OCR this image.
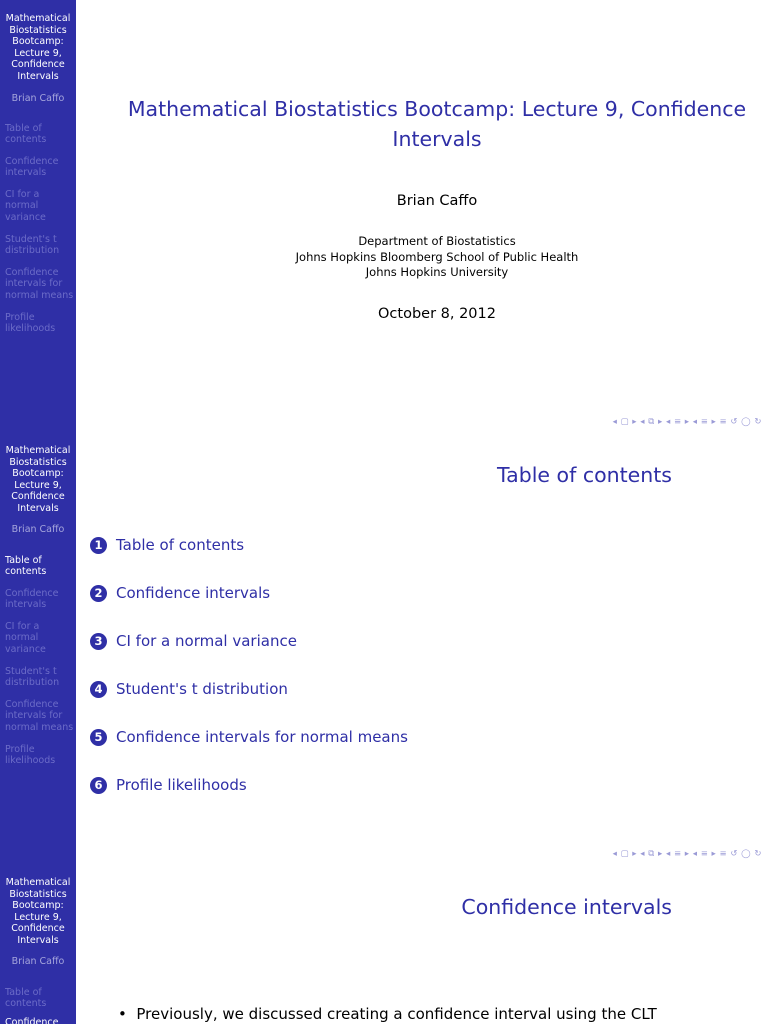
Mathematical
Biostatistics
Bootcamp:
Lecture 9,
Confidence
Intervals
Brian Caffo
Table of
contents
Confidence
intervals
CI for a
normal
variance
Student's t
distribution
Confidence
intervals for
normal means
Profile
likelihoods
Mathematical Biostatistics Bootcamp: Lecture 9, Confidence
Intervals
Brian Caffo
Department of Biostatistics
Johns Hopkins Bloomberg School of Public Health
Johns Hopkins University
October 8, 2012
◂ ▢ ▸ ◂ ⧉ ▸ ◂ ≡ ▸ ◂ ≡ ▸ ≡ ↺ ◯ ↻
Mathematical
Biostatistics
Bootcamp:
Lecture 9,
Confidence
Intervals
Brian Caffo
Table of
contents
Confidence
intervals
CI for a
normal
variance
Student's t
distribution
Confidence
intervals for
normal means
Profile
likelihoods
Table of contents
1 Table of contents
2 Confidence intervals
3 CI for a normal variance
4 Student's t distribution
5 Confidence intervals for normal means
6 Profile likelihoods
◂ ▢ ▸ ◂ ⧉ ▸ ◂ ≡ ▸ ◂ ≡ ▸ ≡ ↺ ◯ ↻
Mathematical
Biostatistics
Bootcamp:
Lecture 9,
Confidence
Intervals
Brian Caffo
Table of
contents
Confidence
Confidence intervals
•  Previously, we discussed creating a confidence interval using the CLT
